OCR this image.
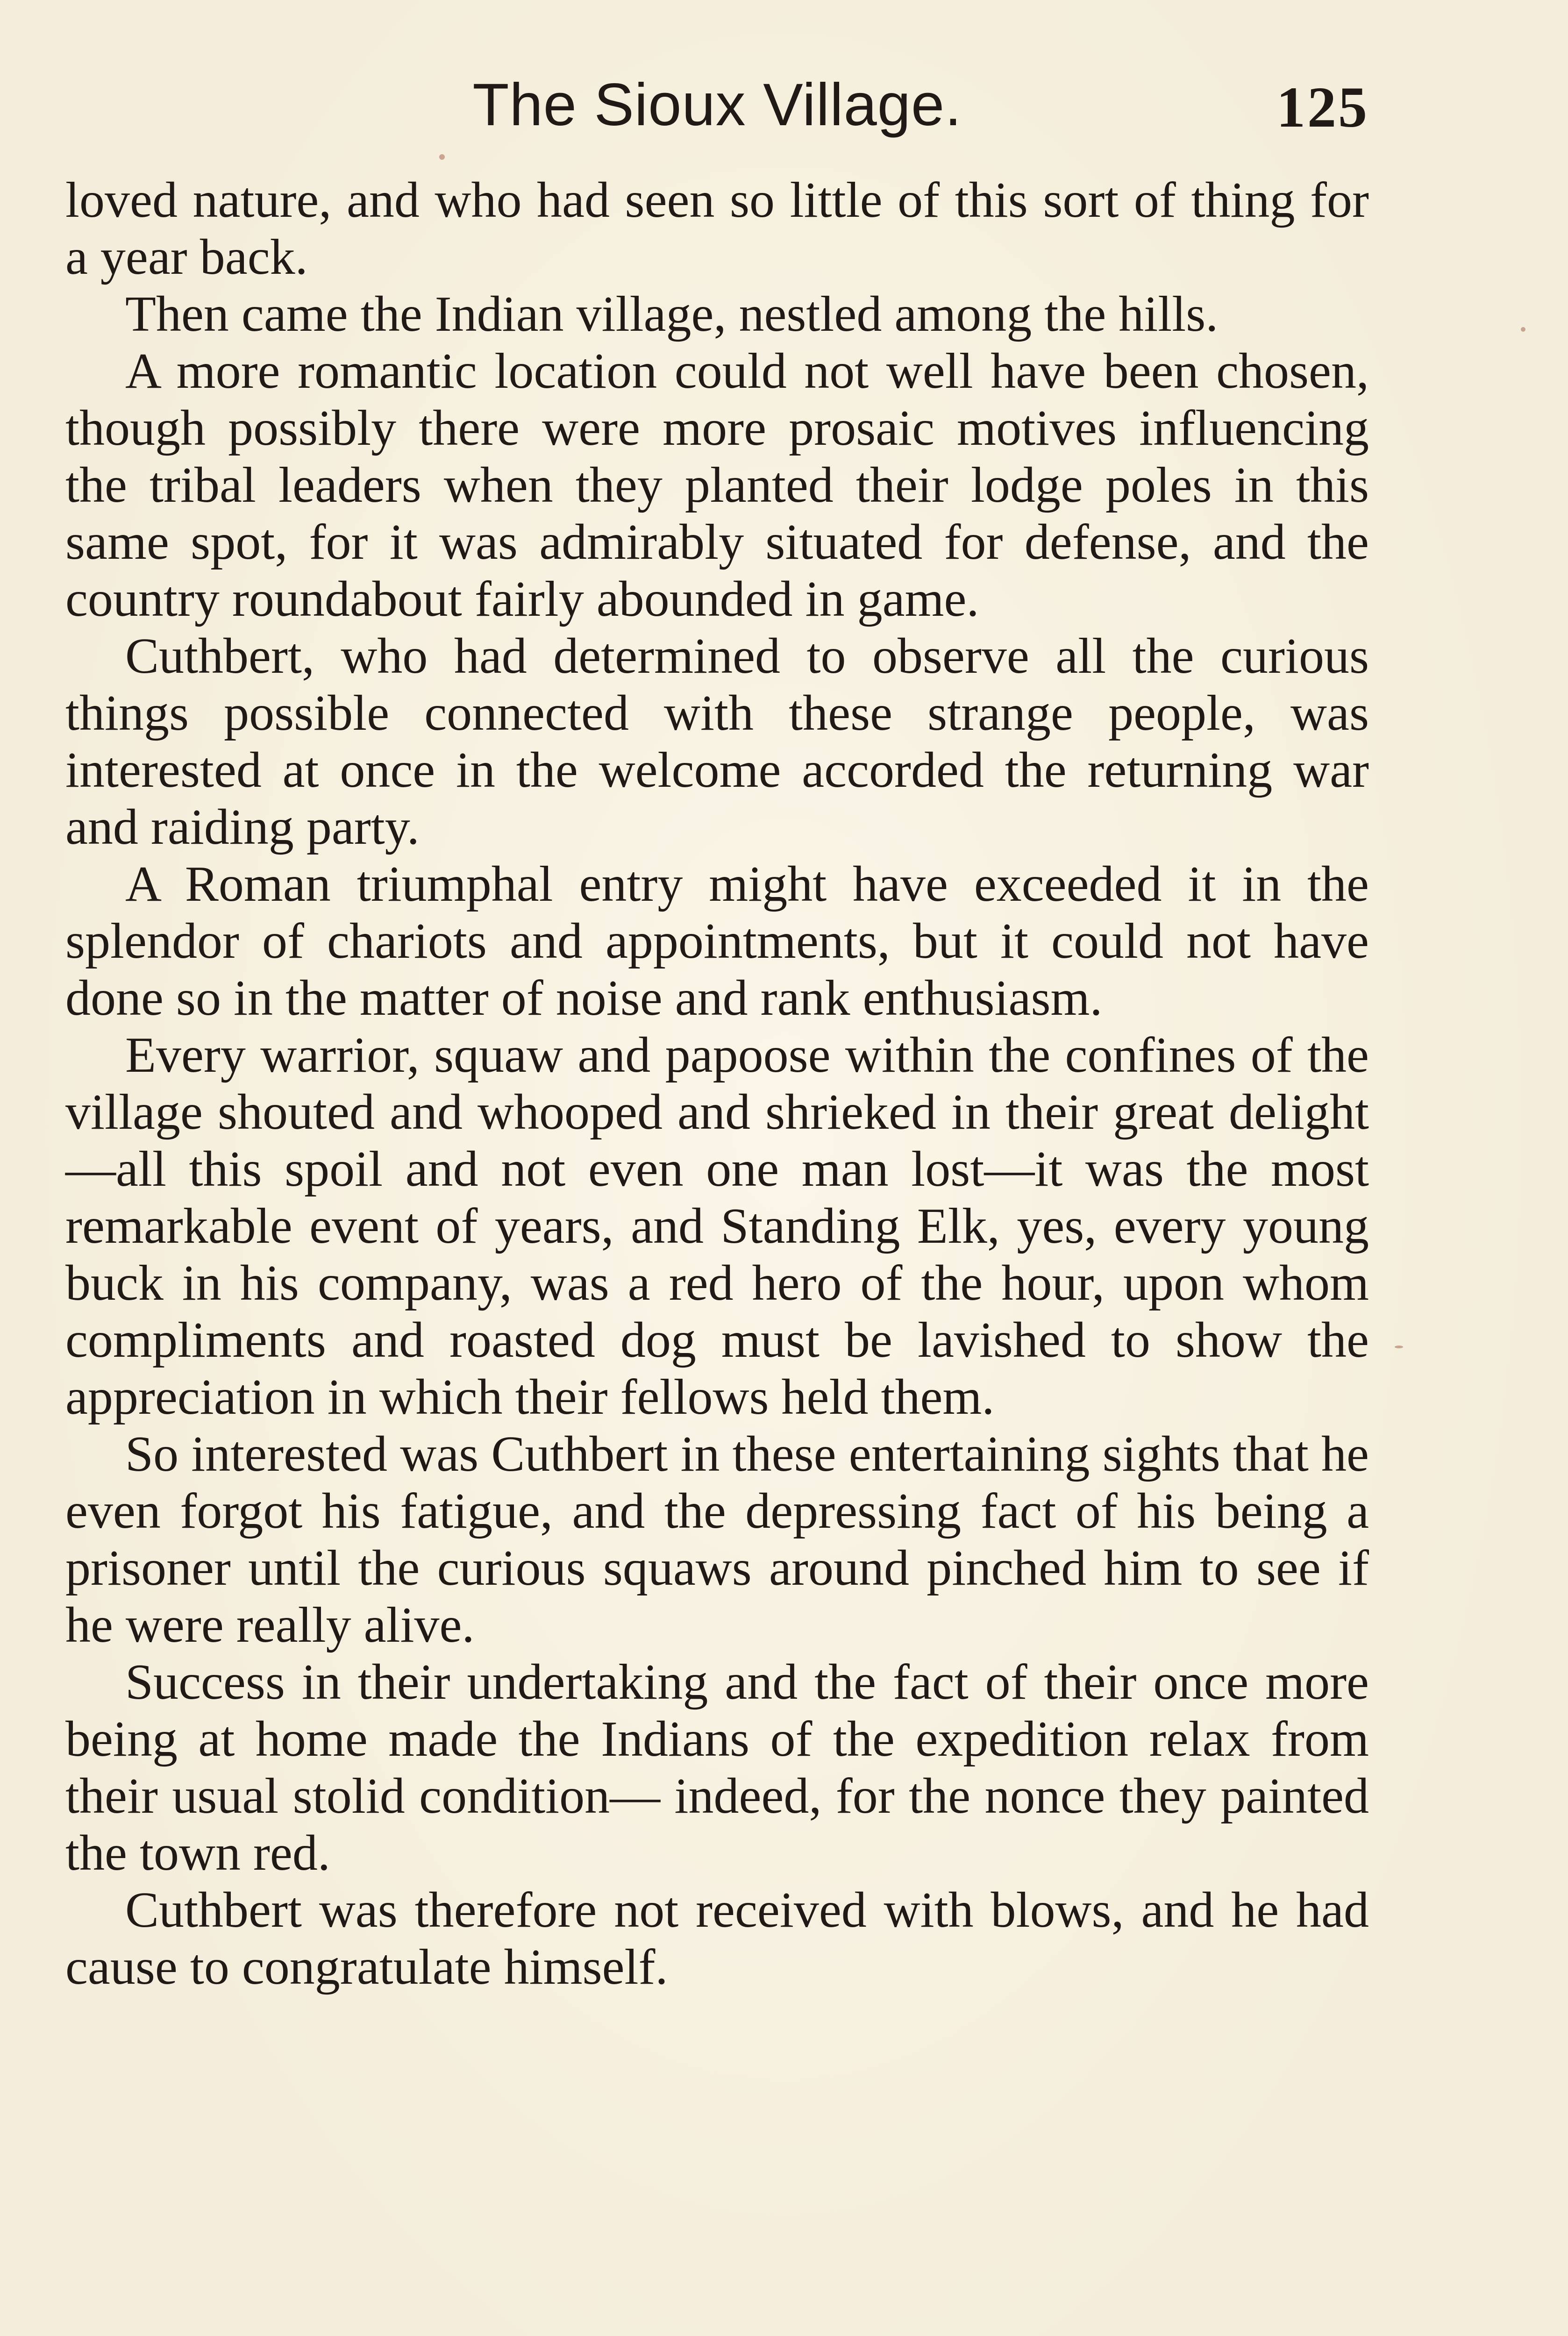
The Sioux Village.	125

loved nature, and who had seen so little of this sort of thing for a year back.

Then came the Indian village, nestled among the hills.

A more romantic location could not well have been chosen, though possibly there were more prosaic motives influencing the tribal leaders when they planted their lodge poles in this same spot, for it was admirably situated for defense, and the country roundabout fairly abounded in game.

Cuthbert, who had determined to observe all the curious things possible connected with these strange people, was interested at once in the welcome accorded the returning war and raiding party.

A Roman triumphal entry might have exceeded it in the splendor of chariots and appointments, but it could not have done so in the matter of noise and rank enthusiasm.

Every warrior, squaw and papoose within the confines of the village shouted and whooped and shrieked in their great delight—all this spoil and not even one man lost—it was the most remarkable event of years, and Standing Elk, yes, every young buck in his company, was a red hero of the hour, upon whom compliments and roasted dog must be lavished to show the appreciation in which their fellows held them.

So interested was Cuthbert in these entertaining sights that he even forgot his fatigue, and the depressing fact of his being a prisoner until the curious squaws around pinched him to see if he were really alive.

Success in their undertaking and the fact of their once more being at home made the Indians of the expedition relax from their usual stolid condition— indeed, for the nonce they painted the town red.

Cuthbert was therefore not received with blows, and he had cause to congratulate himself.
